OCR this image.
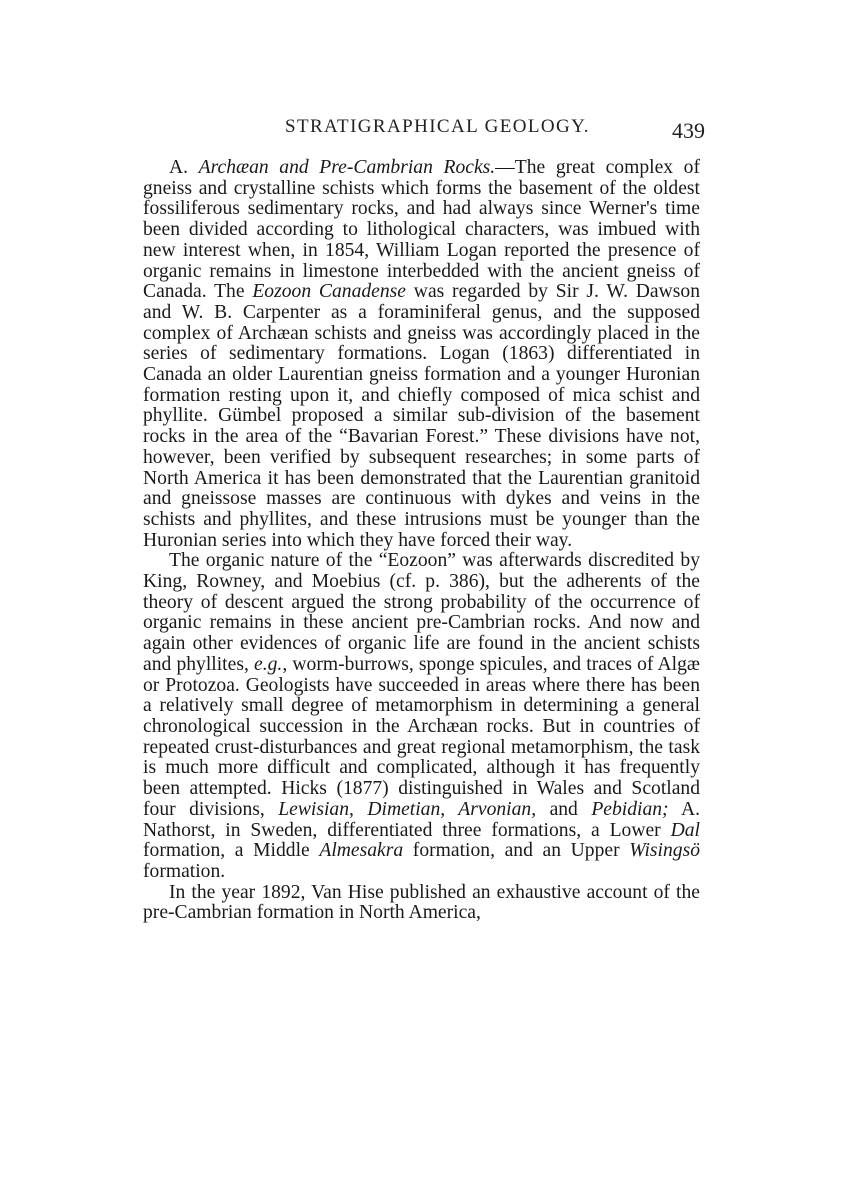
STRATIGRAPHICAL GEOLOGY.	439

A. Archæan and Pre-Cambrian Rocks.—The great complex of gneiss and crystalline schists which forms the basement of the oldest fossiliferous sedimentary rocks, and had always since Werner's time been divided according to lithological characters, was imbued with new interest when, in 1854, William Logan reported the presence of organic remains in limestone interbedded with the ancient gneiss of Canada. The Eozoon Canadense was regarded by Sir J. W. Dawson and W. B. Carpenter as a foraminiferal genus, and the supposed complex of Archæan schists and gneiss was accordingly placed in the series of sedimentary formations. Logan (1863) differentiated in Canada an older Laurentian gneiss formation and a younger Huronian formation resting upon it, and chiefly composed of mica schist and phyllite. Gümbel proposed a similar sub-division of the basement rocks in the area of the “Bavarian Forest.” These divisions have not, however, been verified by subsequent researches; in some parts of North America it has been demonstrated that the Laurentian granitoid and gneissose masses are continuous with dykes and veins in the schists and phyllites, and these intrusions must be younger than the Huronian series into which they have forced their way.

The organic nature of the “Eozoon” was afterwards discredited by King, Rowney, and Moebius (cf. p. 386), but the adherents of the theory of descent argued the strong probability of the occurrence of organic remains in these ancient pre-Cambrian rocks. And now and again other evidences of organic life are found in the ancient schists and phyllites, e.g., worm-burrows, sponge spicules, and traces of Algæ or Protozoa. Geologists have succeeded in areas where there has been a relatively small degree of metamorphism in determining a general chronological succession in the Archæan rocks. But in countries of repeated crust-disturbances and great regional metamorphism, the task is much more difficult and complicated, although it has frequently been attempted. Hicks (1877) distinguished in Wales and Scotland four divisions, Lewisian, Dimetian, Arvonian, and Pebidian; A. Nathorst, in Sweden, differentiated three formations, a Lower Dal formation, a Middle Almesakra formation, and an Upper Wisingsö formation.

In the year 1892, Van Hise published an exhaustive account of the pre-Cambrian formation in North America,
